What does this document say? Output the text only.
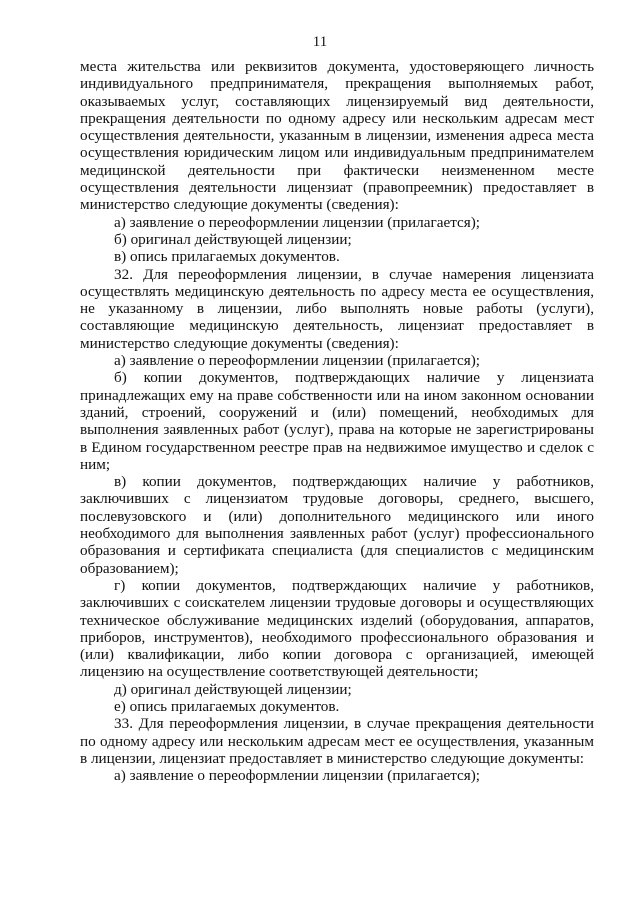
11

места жительства или реквизитов документа, удостоверяющего личность индивидуального предпринимателя, прекращения выполняемых работ, оказываемых услуг, составляющих лицензируемый вид деятельности, прекращения деятельности по одному адресу или нескольким адресам мест осуществления деятельности, указанным в лицензии, изменения адреса места осуществления юридическим лицом или индивидуальным предпринимателем медицинской деятельности при фактически неизмененном месте осуществления деятельности лицензиат (правопреемник) предоставляет в министерство следующие документы (сведения):

а) заявление о переоформлении лицензии (прилагается);

б) оригинал действующей лицензии;

в) опись прилагаемых документов.

32. Для переоформления лицензии, в случае намерения лицензиата осуществлять медицинскую деятельность по адресу места ее осуществления, не указанному в лицензии, либо выполнять новые работы (услуги), составляющие медицинскую деятельность, лицензиат предоставляет в министерство следующие документы (сведения):

а) заявление о переоформлении лицензии (прилагается);

б) копии документов, подтверждающих наличие у лицензиата принадлежащих ему на праве собственности или на ином законном основании зданий, строений, сооружений и (или) помещений, необходимых для выполнения заявленных работ (услуг), права на которые не зарегистрированы в Едином государственном реестре прав на недвижимое имущество и сделок с ним;

в) копии документов, подтверждающих наличие у работников, заключивших с лицензиатом трудовые договоры, среднего, высшего, послевузовского и (или) дополнительного медицинского или иного необходимого для выполнения заявленных работ (услуг) профессионального образования и сертификата специалиста (для специалистов с медицинским образованием);

г) копии документов, подтверждающих наличие у работников, заключивших с соискателем лицензии трудовые договоры и осуществляющих техническое обслуживание медицинских изделий (оборудования, аппаратов, приборов, инструментов), необходимого профессионального образования и (или) квалификации, либо копии договора с организацией, имеющей лицензию на осуществление соответствующей деятельности;

д) оригинал действующей лицензии;

е) опись прилагаемых документов.

33. Для переоформления лицензии, в случае прекращения деятельности по одному адресу или нескольким адресам мест ее осуществления, указанным в лицензии, лицензиат предоставляет в министерство следующие документы:

а) заявление о переоформлении лицензии (прилагается);
